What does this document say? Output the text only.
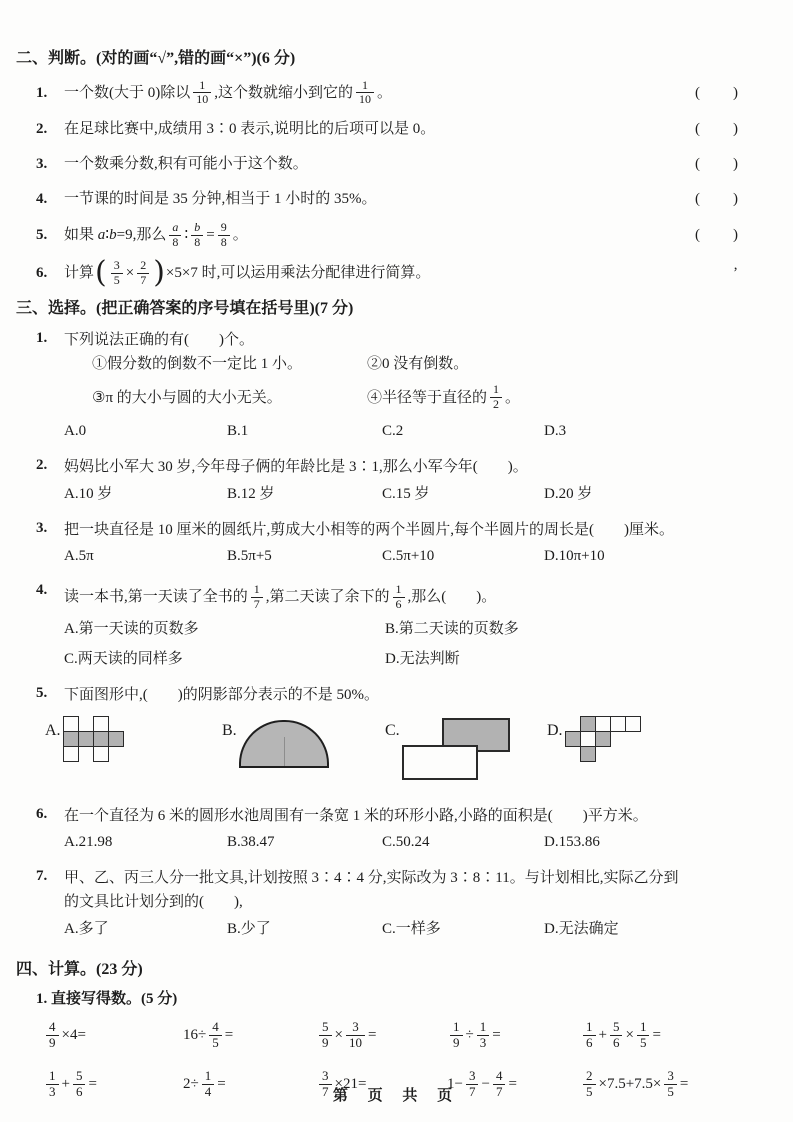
二、判断。(对的画“√”,错的画“×”)(6 分)
1.	一个数(大于 0)除以 $\frac{1}{10}$ ,这个数就缩小到它的 $\frac{1}{10}$ 。	(　　)
2.	在足球比赛中,成绩用 3∶0 表示,说明比的后项可以是 0。	(　　)
3.	一个数乘分数,积有可能小于这个数。	(　　)
4.	一节课的时间是 35 分钟,相当于 1 小时的 35%。	(　　)
5.	如果 a ∶ b =9,那么 $\frac{a}{8}$ ∶ $\frac{b}{8} = \frac{9}{8}$ 。	(　　)
6.	计算 ( $\frac{3}{5} \times \frac{2}{7}$ ) ×5×7 时,可以运用乘法分配律进行简算。	’
三、选择。(把正确答案的序号填在括号里)(7 分)
1.	下列说法正确的有(　　)个。
①假分数的倒数不一定比 1 小。	②0 没有倒数。
③π 的大小与圆的大小无关。	④半径等于直径的 $\frac{1}{2}$ 。
A.0	B.1	C.2	D.3
2.	妈妈比小军大 30 岁,今年母子俩的年龄比是 3∶1,那么小军今年(　　)。
A.10 岁	B.12 岁	C.15 岁	D.20 岁
3.	把一块直径是 10 厘米的圆纸片,剪成大小相等的两个半圆片,每个半圆片的周长是(　　)厘米。
A.5π	B.5π+5	C.5π+10	D.10π+10
4.	读一本书,第一天读了全书的 $\frac{1}{7}$ ,第二天读了余下的 $\frac{1}{6}$ ,那么(　　)。
A.第一天读的页数多	B.第二天读的页数多
C.两天读的同样多	D.无法判断
5.	下面图形中,(　　)的阴影部分表示的不是 50%。
A.	B.	C.	D.
6.	在一个直径为 6 米的圆形水池周围有一条宽 1 米的环形小路,小路的面积是(　　)平方米。
A.21.98	B.38.47	C.50.24	D.153.86
7.	甲、乙、丙三人分一批文具,计划按照 3∶4∶4 分,实际改为 3∶8∶11。与计划相比,实际乙分到
的文具比计划分到的(　　),
A.多了	B.少了	C.一样多	D.无法确定
四、计算。(23 分)
1. 直接写得数。(5 分)
$\frac{4}{9} \times 4=$	$16\div \frac{4}{5}$ =	$\frac{5}{9} \times \frac{3}{10}$ =	$\frac{1}{9} \div \frac{1}{3}$ =	$\frac{1}{6} + \frac{5}{6} \times \frac{1}{5}$ =
$\frac{1}{3} + \frac{5}{6}$ =	$2\div \frac{1}{4}$ =	$\frac{3}{7} \times 21=$	$1- \frac{3}{7} - \frac{4}{7}$ =	$\frac{2}{5} \times 7.5+7.5\times \frac{3}{5}$ =
第 页 共 页
